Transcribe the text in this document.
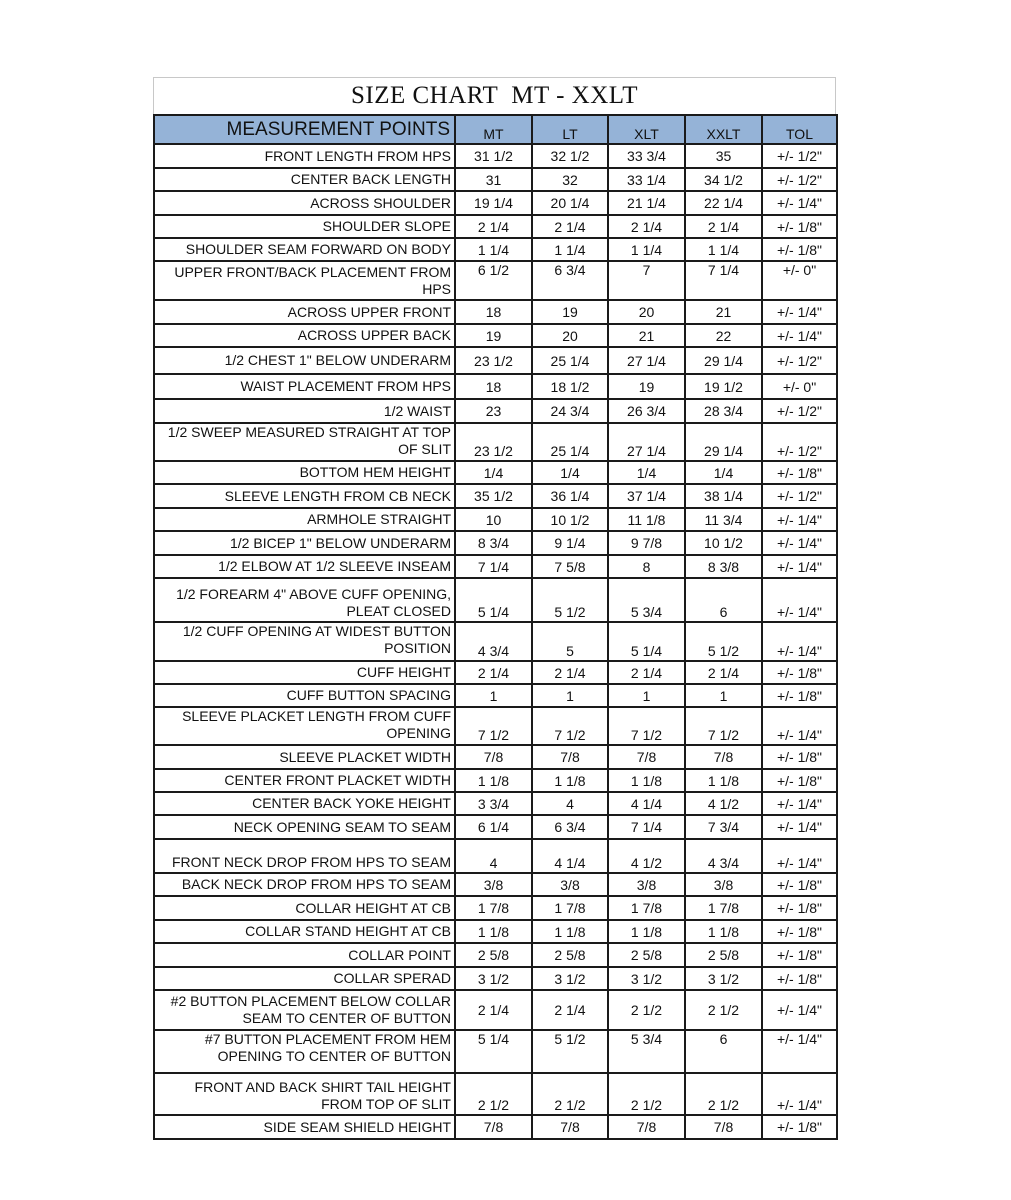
SIZE CHART  MT - XXLT
MEASUREMENT POINTS	MT	LT	XLT	XXLT	TOL
FRONT LENGTH FROM HPS	31 1/2	32 1/2	33 3/4	35	+/- 1/2"
CENTER BACK LENGTH	31	32	33 1/4	34 1/2	+/- 1/2"
ACROSS SHOULDER	19 1/4	20 1/4	21 1/4	22 1/4	+/- 1/4"
SHOULDER SLOPE	2 1/4	2 1/4	2 1/4	2 1/4	+/- 1/8"
SHOULDER SEAM FORWARD ON BODY	1 1/4	1 1/4	1 1/4	1 1/4	+/- 1/8"
UPPER FRONT/BACK PLACEMENT FROM HPS	6 1/2	6 3/4	7	7 1/4	+/- 0"
ACROSS UPPER FRONT	18	19	20	21	+/- 1/4"
ACROSS UPPER BACK	19	20	21	22	+/- 1/4"
1/2 CHEST 1" BELOW UNDERARM	23 1/2	25 1/4	27 1/4	29 1/4	+/- 1/2"
WAIST PLACEMENT FROM HPS	18	18 1/2	19	19 1/2	+/- 0"
1/2 WAIST	23	24 3/4	26 3/4	28 3/4	+/- 1/2"
1/2 SWEEP MEASURED STRAIGHT AT TOP OF SLIT	23 1/2	25 1/4	27 1/4	29 1/4	+/- 1/2"
BOTTOM HEM HEIGHT	1/4	1/4	1/4	1/4	+/- 1/8"
SLEEVE LENGTH FROM CB NECK	35 1/2	36 1/4	37 1/4	38 1/4	+/- 1/2"
ARMHOLE STRAIGHT	10	10 1/2	11 1/8	11 3/4	+/- 1/4"
1/2 BICEP 1" BELOW UNDERARM	8 3/4	9 1/4	9 7/8	10 1/2	+/- 1/4"
1/2 ELBOW AT 1/2 SLEEVE INSEAM	7 1/4	7 5/8	8	8 3/8	+/- 1/4"
1/2 FOREARM 4" ABOVE CUFF OPENING, PLEAT CLOSED	5 1/4	5 1/2	5 3/4	6	+/- 1/4"
1/2 CUFF OPENING AT WIDEST BUTTON POSITION	4 3/4	5	5 1/4	5 1/2	+/- 1/4"
CUFF HEIGHT	2 1/4	2 1/4	2 1/4	2 1/4	+/- 1/8"
CUFF BUTTON SPACING	1	1	1	1	+/- 1/8"
SLEEVE PLACKET LENGTH FROM CUFF OPENING	7 1/2	7 1/2	7 1/2	7 1/2	+/- 1/4"
SLEEVE PLACKET WIDTH	7/8	7/8	7/8	7/8	+/- 1/8"
CENTER FRONT PLACKET WIDTH	1 1/8	1 1/8	1 1/8	1 1/8	+/- 1/8"
CENTER BACK YOKE HEIGHT	3 3/4	4	4 1/4	4 1/2	+/- 1/4"
NECK OPENING SEAM TO SEAM	6 1/4	6 3/4	7 1/4	7 3/4	+/- 1/4"
FRONT NECK DROP FROM HPS TO SEAM	4	4 1/4	4 1/2	4 3/4	+/- 1/4"
BACK NECK DROP FROM HPS TO SEAM	3/8	3/8	3/8	3/8	+/- 1/8"
COLLAR HEIGHT AT CB	1 7/8	1 7/8	1 7/8	1 7/8	+/- 1/8"
COLLAR STAND HEIGHT AT CB	1 1/8	1 1/8	1 1/8	1 1/8	+/- 1/8"
COLLAR POINT	2 5/8	2 5/8	2 5/8	2 5/8	+/- 1/8"
COLLAR SPERAD	3 1/2	3 1/2	3 1/2	3 1/2	+/- 1/8"
#2 BUTTON PLACEMENT BELOW COLLAR SEAM TO CENTER OF BUTTON	2 1/4	2 1/4	2 1/2	2 1/2	+/- 1/4"
#7 BUTTON PLACEMENT FROM HEM OPENING TO CENTER OF BUTTON	5 1/4	5 1/2	5 3/4	6	+/- 1/4"
FRONT AND BACK SHIRT TAIL HEIGHT FROM TOP OF SLIT	2 1/2	2 1/2	2 1/2	2 1/2	+/- 1/4"
SIDE SEAM SHIELD HEIGHT	7/8	7/8	7/8	7/8	+/- 1/8"
